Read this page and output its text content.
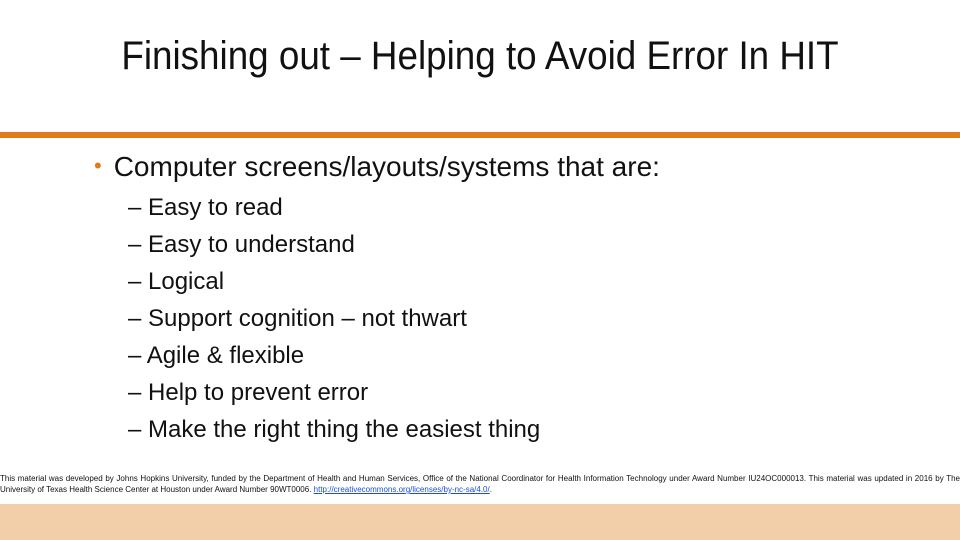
Finishing out – Helping to Avoid Error In HIT
• Computer screens/layouts/systems that are:
– Easy to read
– Easy to understand
– Logical
– Support cognition – not thwart
– Agile & flexible
– Help to prevent error
– Make the right thing the easiest thing
This material was developed by Johns Hopkins University, funded by the Department of Health and Human Services, Office of the National Coordinator for Health Information Technology under Award Number IU24OC000013. This material was updated in 2016 by The University of Texas Health Science Center at Houston under Award Number 90WT0006. http://creativecommons.org/licenses/by-nc-sa/4.0/.
